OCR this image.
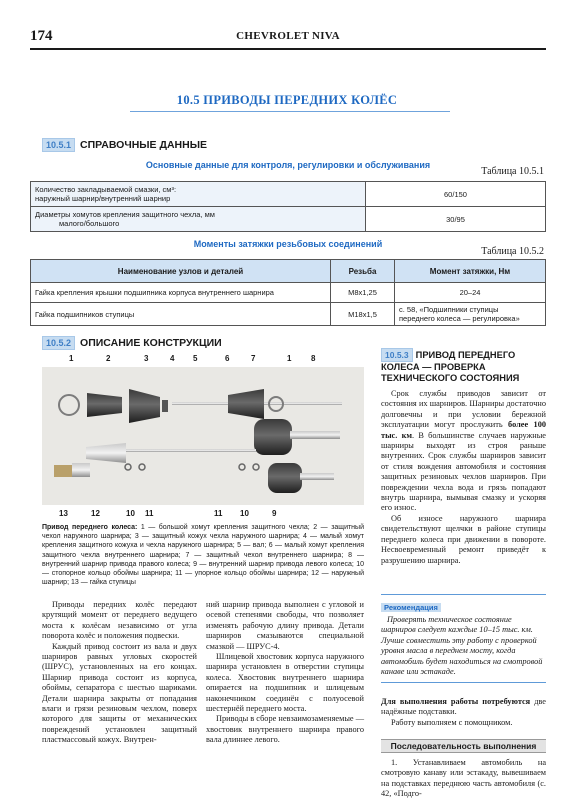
174	CHEVROLET NIVA
10.5 ПРИВОДЫ ПЕРЕДНИХ КОЛЁС
10.5.1 СПРАВОЧНЫЕ ДАННЫЕ
Основные данные для контроля, регулировки и обслуживания
Таблица 10.5.1
Количество закладываемой смазки, см³:
наружный шарнир/внутренний шарнир	60/150

Диаметры хомутов крепления защитного чехла, мм
малого/большого	30/95
Моменты затяжки резьбовых соединений
Таблица 10.5.2
Наименование узлов и деталей	Резьба	Момент затяжки, Нм
Гайка крепления крышки подшипника корпуса внутреннего шарнира	М8х1,25	20–24
Гайка подшипников ступицы	М18х1,5	с. 58, «Подшипники ступицы
переднего колеса — регулировка»
10.5.2 ОПИСАНИЕ КОНСТРУКЦИИ
1	2	3	4 5	6	7	1 8
13	12	10 11	11 10	9
Привод переднего колеса: 1 — большой хомут крепления защитного чехла; 2 — защитный чехол наружного шарнира; 3 — защитный кожух чехла наружного шарнира; 4 — малый хомут крепления защитного кожуха и чехла наружного шарнира; 5 — вал; 6 — малый хомут крепления защитного чехла внутреннего шарнира; 7 — защитный чехол внутреннего шарнира; 8 — внутренний шарнир привода правого колеса; 9 — внутренний шарнир привода левого колеса; 10 — стопорное кольцо обоймы шарнира; 11 — упорное кольцо обоймы шарнира; 12 — наружный шарнир; 13 — гайка ступицы

Приводы передних колёс передают крутящий момент от переднего ведущего моста к колёсам независимо от угла поворота колёс и положения подвески.

Каждый привод состоит из вала и двух шарниров равных угловых скоростей (ШРУС), установленных на его концах. Шарнир привода состоит из корпуса, обоймы, сепаратора с шестью шариками. Детали шарнира закрыты от попадания влаги и грязи резиновым чехлом, поверх которого для защиты от механических повреждений установлен защитный пластмассовый кожух. Внутрен-

ний шарнир привода выполнен с угловой и осевой степенями свободы, что позволяет изменять рабочую длину привода. Детали шарниров смазываются специальной смазкой — ШРУС-4.

Шлицевой хвостовик корпуса наружного шарнира установлен в отверстии ступицы колеса. Хвостовик внутреннего шарнира опирается на подшипник и шлицевым наконечником соединён с полуосевой шестернёй переднего моста.

Приводы в сборе невзаимозаменяемые — хвостовик внутреннего шарнира правого вала длиннее левого.

10.5.3 ПРИВОД ПЕРЕДНЕГО КОЛЕСА — ПРОВЕРКА ТЕХНИЧЕСКОГО СОСТОЯНИЯ

Срок службы приводов зависит от состояния их шарниров. Шарниры достаточно долговечны и при условии бережной эксплуатации могут прослужить более 100 тыс. км. В большинстве случаев наружные шарниры выходят из строя раньше внутренних. Срок службы шарниров зависит от стиля вождения автомобиля и состояния защитных резиновых чехлов шарниров. При повреждении чехла вода и грязь попадают внутрь шарнира, вымывая смазку и ускоряя его износ.

Об износе наружного шарнира свидетельствуют щелчки в районе ступицы переднего колеса при движении в повороте. Несвоевременный ремонт приведёт к разрушению шарнира.

Рекомендация

Проверять техническое состояние шарниров следует каждые 10–15 тыс. км. Лучше совместить эту работу с проверкой уровня масла в переднем мосту, когда автомобиль будет находиться на смотровой канаве или эстакаде.

Для выполнения работы потребуются две надёжные подставки.

Работу выполняем с помощником.

Последовательность выполнения

1. Устанавливаем автомобиль на смотровую канаву или эстакаду, вывешиваем на подставках переднюю часть автомобиля (с. 42, «Подго-
